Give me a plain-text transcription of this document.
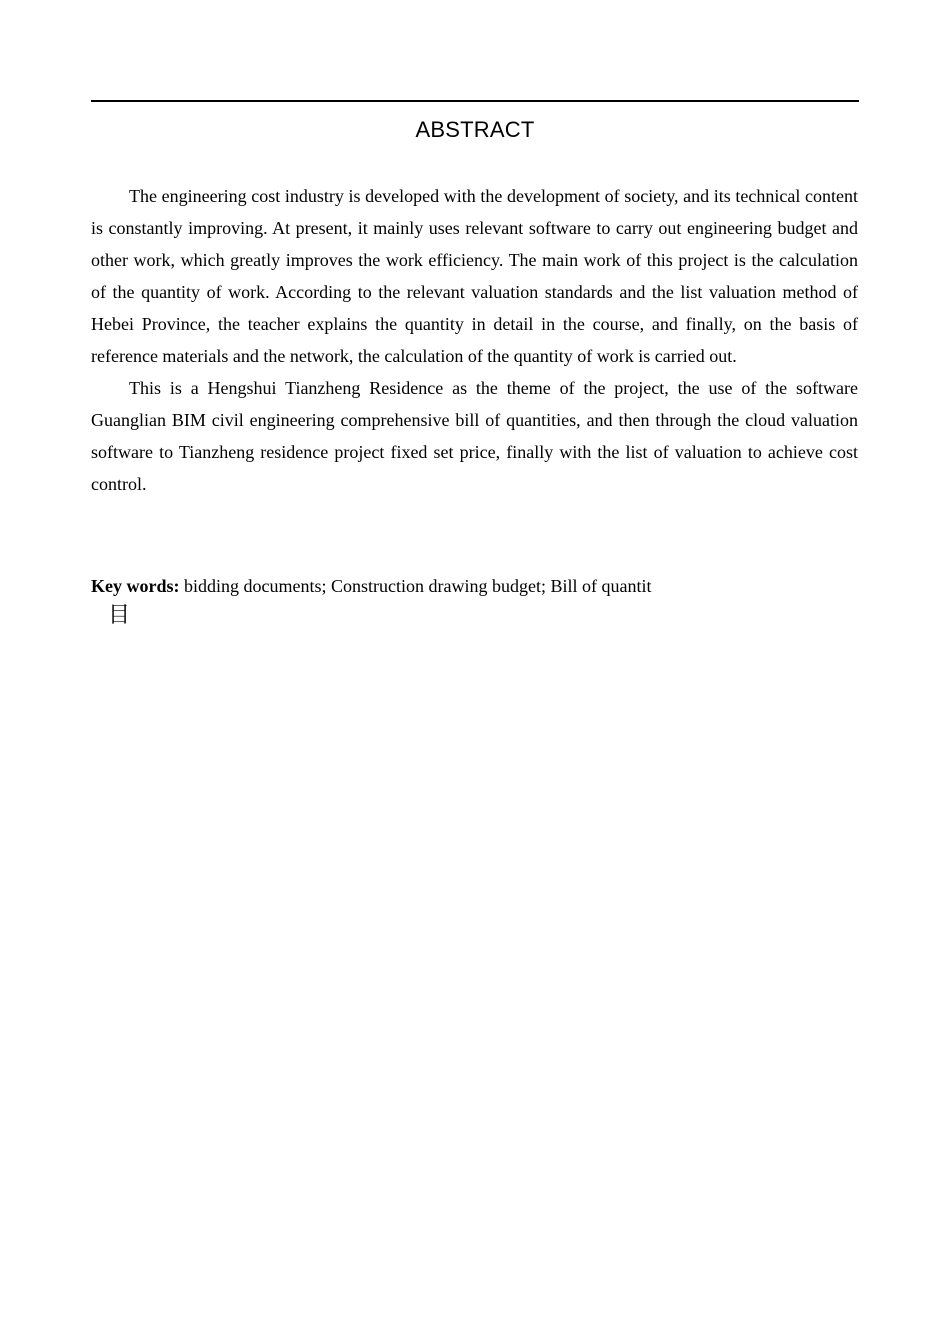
ABSTRACT

The engineering cost industry is developed with the development of society, and its technical content is constantly improving. At present, it mainly uses relevant software to carry out engineering budget and other work, which greatly improves the work efficiency. The main work of this project is the calculation of the quantity of work. According to the relevant valuation standards and the list valuation method of Hebei Province, the teacher explains the quantity in detail in the course, and finally, on the basis of reference materials and the network, the calculation of the quantity of work is carried out.

This is a Hengshui Tianzheng Residence as the theme of the project, the use of the software Guanglian BIM civil engineering comprehensive bill of quantities, and then through the cloud valuation software to Tianzheng residence project fixed set price, finally with the list of valuation to achieve cost control.

Key words: bidding documents; Construction drawing budget; Bill of quantit
目
